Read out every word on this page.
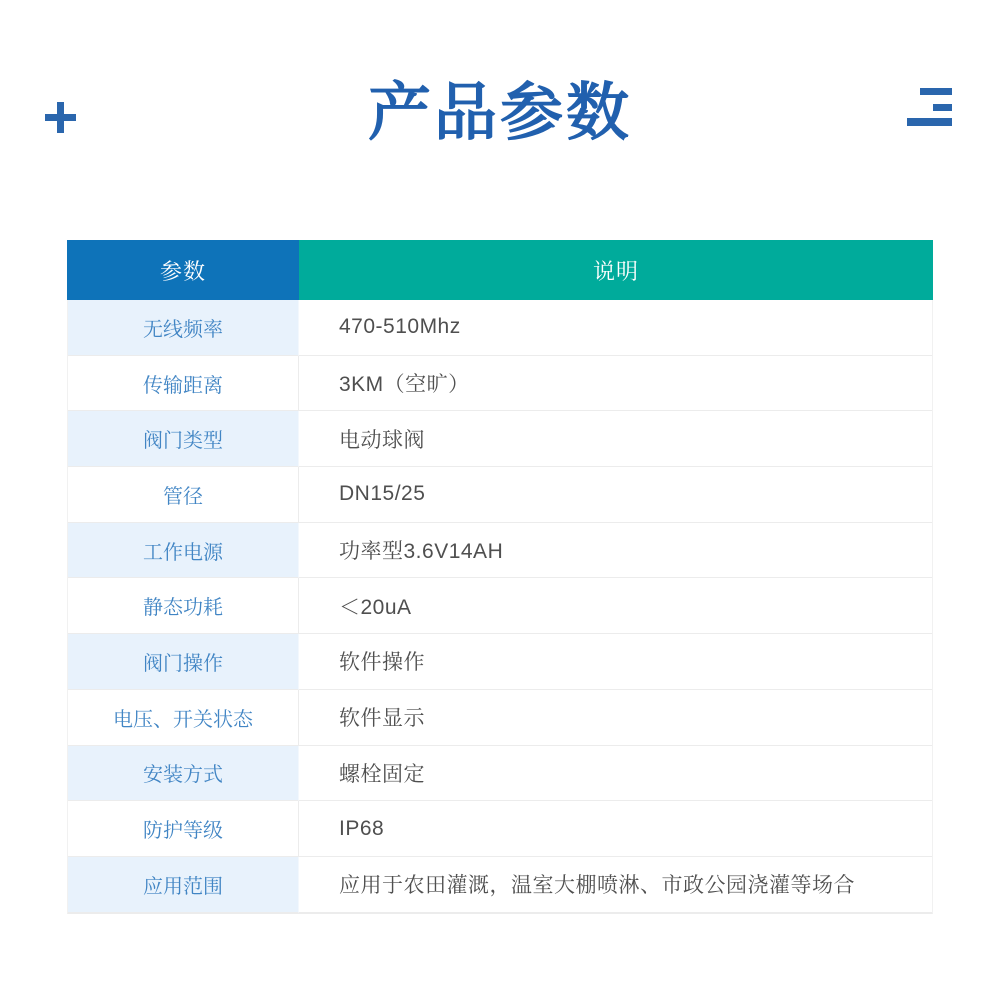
产品参数
参数	说明
无线频率	470-510Mhz
传输距离	3KM（空旷）
阀门类型	电动球阀
管径	DN15/25
工作电源	功率型3.6V14AH
静态功耗	＜20uA
阀门操作	软件操作
电压、开关状态	软件显示
安装方式	螺栓固定
防护等级	IP68
应用范围	应用于农田灌溉，温室大棚喷淋、市政公园浇灌等场合
